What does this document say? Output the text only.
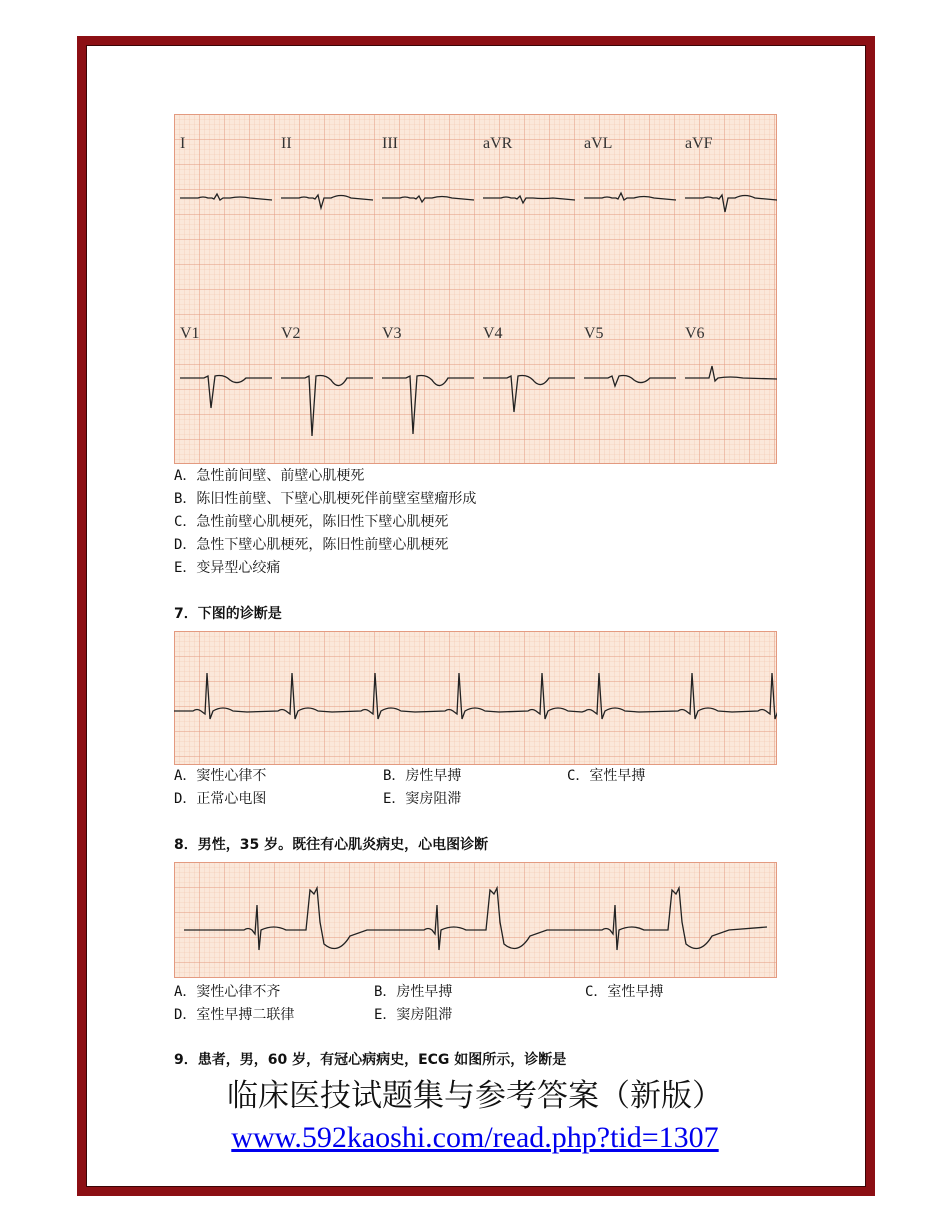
I	II	III	aVR	aVL	aVF
V1	V2	V3	V4	V5	V6
A．急性前间壁、前壁心肌梗死
B．陈旧性前壁、下壁心肌梗死伴前壁室壁瘤形成
C．急性前壁心肌梗死，陈旧性下壁心肌梗死
D．急性下壁心肌梗死，陈旧性前壁心肌梗死
E．变异型心绞痛
7．下图的诊断是
A．窦性心律不	B．房性早搏	C．室性早搏
D．正常心电图	E．窦房阻滞
8．男性，35 岁。既往有心肌炎病史，心电图诊断
A．窦性心律不齐	B．房性早搏	C．室性早搏
D．室性早搏二联律	E．窦房阻滞
9．患者，男，60 岁，有冠心病病史，ECG 如图所示，诊断是
临床医技试题集与参考答案（新版）
www.592kaoshi.com/read.php?tid=1307
